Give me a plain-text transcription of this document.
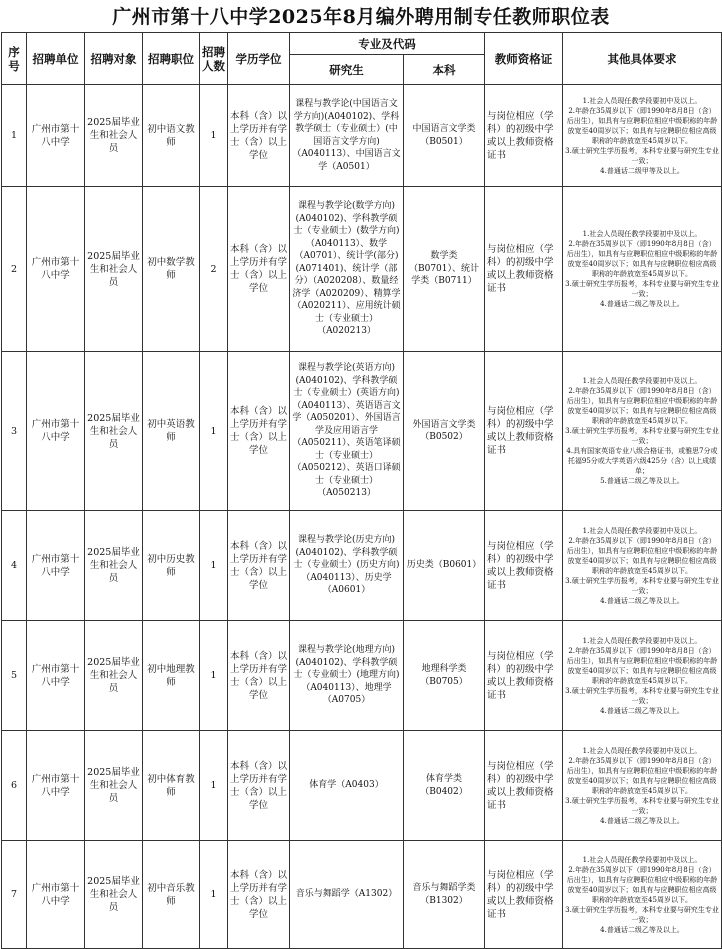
广州市第十八中学2025年8月编外聘用制专任教师职位表
序号	招聘单位	招聘对象	招聘职位	招聘人数	学历学位	专业及代码		教师资格证	其他具体要求
						研究生	本科		
1	广州市第十八中学	2025届毕业生和社会人员	初中语文教师	1	本科（含）以上学历并有学士（含）以上学位	课程与教学论(中国语言文学方向)(A040102)、学科教学硕士（专业硕士）(中国语言文学方向)（A040113）、中国语言文学（A0501）	中国语言文学类（B0501）	与岗位相应（学科）的初级中学或以上教师资格证书	1.社会人员现任教学段要初中及以上。
2.年龄在35周岁以下（即1990年8月8日（含）后出生），如具有与应聘职位相应中级职称的年龄放宽至40周岁以下；如具有与应聘职位相应高级职称的年龄放宽至45周岁以下。
3.硕士研究生学历报考，本科专业要与研究生专业一致；
4.普通话二级甲等及以上。

2	广州市第十八中学	2025届毕业生和社会人员	初中数学教师	2	本科（含）以上学历并有学士（含）以上学位	课程与教学论(数学方向)(A040102)、学科教学硕士（专业硕士）(数学方向)（A040113）、数学（A0701）、统计学(部分)(A071401)、统计学（部分）（A020208）、数量经济学（A020209）、精算学（A020211）、应用统计硕士（专业硕士）（A020213）	数学类（B0701）、统计学类（B0711）	与岗位相应（学科）的初级中学或以上教师资格证书	1.社会人员现任教学段要初中及以上。
2.年龄在35周岁以下（即1990年8月8日（含）后出生），如具有与应聘职位相应中级职称的年龄放宽至40周岁以下；如具有与应聘职位相应高级职称的年龄放宽至45周岁以下。
3.硕士研究生学历报考，本科专业要与研究生专业一致；
4.普通话二级乙等及以上。

3	广州市第十八中学	2025届毕业生和社会人员	初中英语教师	1	本科（含）以上学历并有学士（含）以上学位	课程与教学论(英语方向)(A040102)、学科教学硕士（专业硕士）(英语方向)（A040113）、英语语言文学（A050201）、外国语言学及应用语言学（A050211）、英语笔译硕士（专业硕士）（A050212）、英语口译硕士（专业硕士）（A050213）	外国语言文学类（B0502）	与岗位相应（学科）的初级中学或以上教师资格证书	1.社会人员现任教学段要初中及以上。
2.年龄在35周岁以下（即1990年8月8日（含）后出生），如具有与应聘职位相应中级职称的年龄放宽至40周岁以下；如具有与应聘职位相应高级职称的年龄放宽至45周岁以下。
3.硕士研究生学历报考，本科专业要与研究生专业一致；
4.具有国家英语专业八级合格证书，或雅思7分或托福95分或大学英语六级425分（含）以上成绩单；
5.普通话二级乙等及以上。

4	广州市第十八中学	2025届毕业生和社会人员	初中历史教师	1	本科（含）以上学历并有学士（含）以上学位	课程与教学论(历史方向)(A040102)、学科教学硕士（专业硕士）(历史方向)（A040113）、历史学（A0601）	历史类（B0601）	与岗位相应（学科）的初级中学或以上教师资格证书	1.社会人员现任教学段要初中及以上。
2.年龄在35周岁以下（即1990年8月8日（含）后出生），如具有与应聘职位相应中级职称的年龄放宽至40周岁以下；如具有与应聘职位相应高级职称的年龄放宽至45周岁以下。
3.硕士研究生学历报考，本科专业要与研究生专业一致；
4.普通话二级乙等及以上。

5	广州市第十八中学	2025届毕业生和社会人员	初中地理教师	1	本科（含）以上学历并有学士（含）以上学位	课程与教学论(地理方向)(A040102)、学科教学硕士（专业硕士）(地理方向)（A040113）、地理学（A0705）	地理科学类（B0705）	与岗位相应（学科）的初级中学或以上教师资格证书	1.社会人员现任教学段要初中及以上。
2.年龄在35周岁以下（即1990年8月8日（含）后出生），如具有与应聘职位相应中级职称的年龄放宽至40周岁以下；如具有与应聘职位相应高级职称的年龄放宽至45周岁以下。
3.硕士研究生学历报考，本科专业要与研究生专业一致；
4.普通话二级乙等及以上。

6	广州市第十八中学	2025届毕业生和社会人员	初中体育教师	1	本科（含）以上学历并有学士（含）以上学位	体育学（A0403）	体育学类（B0402）	与岗位相应（学科）的初级中学或以上教师资格证书	1.社会人员现任教学段要初中及以上。
2.年龄在35周岁以下（即1990年8月8日（含）后出生），如具有与应聘职位相应中级职称的年龄放宽至40周岁以下；如具有与应聘职位相应高级职称的年龄放宽至45周岁以下。
3.硕士研究生学历报考，本科专业要与研究生专业一致；
4.普通话二级乙等及以上。

7	广州市第十八中学	2025届毕业生和社会人员	初中音乐教师	1	本科（含）以上学历并有学士（含）以上学位	音乐与舞蹈学（A1302）	音乐与舞蹈学类（B1302）	与岗位相应（学科）的初级中学或以上教师资格证书	1.社会人员现任教学段要初中及以上。
2.年龄在35周岁以下（即1990年8月8日（含）后出生），如具有与应聘职位相应中级职称的年龄放宽至40周岁以下；如具有与应聘职位相应高级职称的年龄放宽至45周岁以下。
3.硕士研究生学历报考，本科专业要与研究生专业一致；
4.普通话二级乙等及以上。
